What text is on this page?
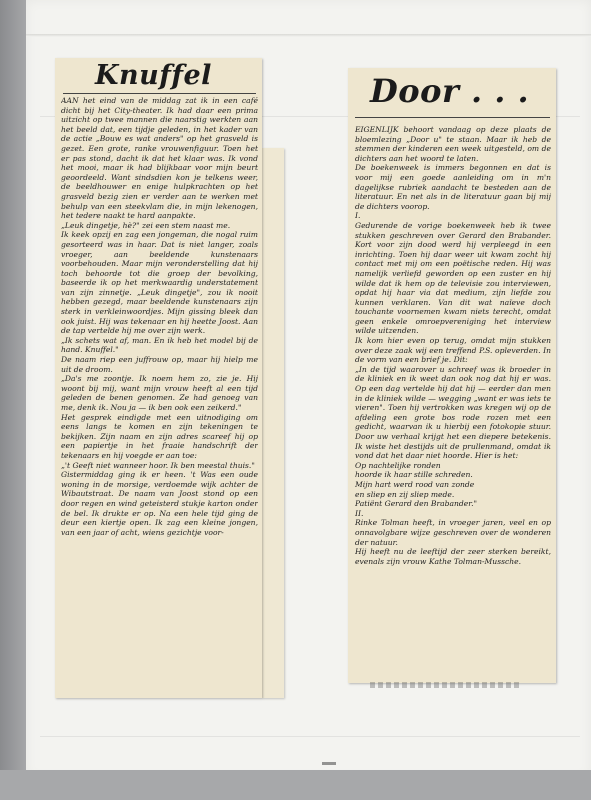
Knuffel
AAN het eind van de middag zat ik in een café dicht bij het City-theater. Ik had daar een prima uitzicht op twee mannen die naarstig werkten aan het beeld dat, een tijdje geleden, in het kader van de actie „Bouw es wat anders" op het grasveld is gezet. Een grote, ranke vrouwenfiguur. Toen het er pas stond, dacht ik dat het klaar was. Ik vond het mooi, maar ik had blijkbaar voor mijn beurt geoordeeld. Want sindsdien kon je telkens weer, de beeldhouwer en enige hulpkrachten op het grasveld bezig zien er verder aan te werken met behulp van een steekvlam die, in mijn lekenogen, het tedere naakt te hard aanpakte.
„Leuk dingetje, hè?" zei een stem naast me.
Ik keek opzij en zag een jongeman, die nogal ruim gesorteerd was in haar. Dat is niet langer, zoals vroeger, aan beeldende kunstenaars voorbehouden. Maar mijn veronderstelling dat hij toch behoorde tot die groep der bevolking, baseerde ik op het merkwaardig understatement van zijn zinnetje. „Leuk dingetje", zou ik nooit hebben gezegd, maar beeldende kunstenaars zijn sterk in verkleinwoordjes. Mijn gissing bleek dan ook juist. Hij was tekenaar en hij heette Joost. Aan de tap vertelde hij me over zijn werk.
„Ik schets wat af, man. En ik heb het model bij de hand. Knuffel."
De naam riep een juffrouw op, maar hij hielp me uit de droom.
„Da's me zoontje. Ik noem hem zo, zie je. Hij woont bij mij, want mijn vrouw heeft al een tijd geleden de benen genomen. Ze had genoeg van me, denk ik. Nou ja — ik ben ook een zeikerd."
Het gesprek eindigde met een uitnodiging om eens langs te komen en zijn tekeningen te bekijken. Zijn naam en zijn adres scareef hij op een papiertje in het fraaie handschrift der tekenaars en hij voegde er aan toe:
„'t Geeft niet wanneer hoor. Ik ben meestal thuis."
Gistermiddag ging ik er heen. 't Was een oude woning in de morsige, verdoemde wijk achter de Wibautstraat. De naam van Joost stond op een door regen en wind geteisterd stukje karton onder de bel. Ik drukte er op. Na een hele tijd ging de deur een kiertje open. Ik zag een kleine jongen, van een jaar of acht, wiens gezichtje voor-
Door . . .
EIGENLIJK behoort vandaag op deze plaats de bloemlezing „Door u" te staan. Maar ik heb de stemmen der kinderen een week uitgesteld, om de dichters aan het woord te laten.
De boekenweek is immers begonnen en dat is voor mij een goede aanleiding om in m'n dagelijkse rubriek aandacht te besteden aan de literatuur. En net als in de literatuur gaan bij mij de dichters voorop.
I.
Gedurende de vorige boekenweek heb ik twee stukken geschreven over Gerard den Brabander. Kort voor zijn dood werd hij verpleegd in een inrichting. Toen hij daar weer uit kwam zocht hij contact met mij om een poëtische reden. Hij was namelijk verliefd geworden op een zuster en hij wilde dat ik hem op de televisie zou interviewen, opdat hij haar via dat medium, zijn liefde zou kunnen verklaren. Van dit wat naïeve doch touchante voornemen kwam niets terecht, omdat geen enkele omroepvereniging het interview wilde uitzenden.
Ik kom hier even op terug, omdat mijn stukken over deze zaak wij een treffend P.S. opleverden. In de vorm van een brief je. Dit:
„In de tijd waarover u schreef was ik broeder in de kliniek en ik weet dan ook nog dat hij er was. Op een dag vertelde hij dat hij — eerder dan men in de kliniek wilde — wegging „want er was iets te vieren". Toen hij vertrokken was kregen wij op de afdeling een grote bos rode rozen met een gedicht, waarvan ik u hierbij een fotokopie stuur. Door uw verhaal krijgt het een diepere betekenis. Ik wiste het destijds uit de prullenmand, omdat ik vond dat het daar niet hoorde. Hier is het:
Op nachtelijke ronden
hoorde ik haar stille schreden.
Mijn hart werd rood van zonde
en sliep en zij sliep mede.
Patiënt Gerard den Brabander."
II.
Rinke Tolman heeft, in vroeger jaren, veel en op onnavolgbare wijze geschreven over de wonderen der natuur.
Hij heeft nu de leeftijd der zeer sterken bereikt, evenals zijn vrouw Kathe Tolman-Mussche.
